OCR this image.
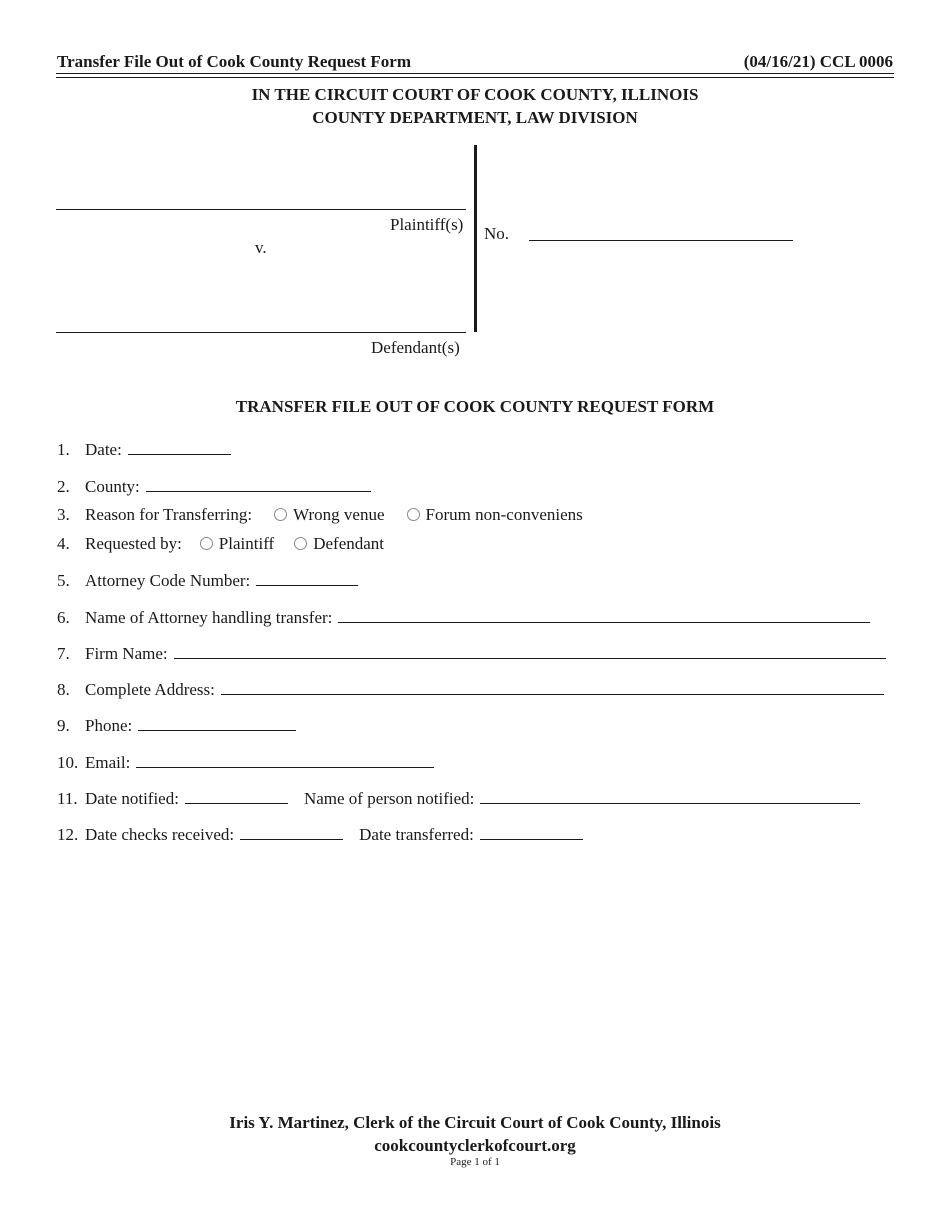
Transfer File Out of Cook County Request Form	(04/16/21) CCL 0006
IN THE CIRCUIT COURT OF COOK COUNTY, ILLINOIS
COUNTY DEPARTMENT, LAW DIVISION
Plaintiff(s)
v.
Defendant(s)
No.
TRANSFER FILE OUT OF COOK COUNTY REQUEST FORM
1. Date:
2. County:
3. Reason for Transferring: Wrong venue Forum non-conveniens
4. Requested by: Plaintiff Defendant
5. Attorney Code Number:
6. Name of Attorney handling transfer:
7. Firm Name:
8. Complete Address:
9. Phone:
10. Email:
11. Date notified:	Name of person notified:
12. Date checks received:	Date transferred:
Iris Y. Martinez, Clerk of the Circuit Court of Cook County, Illinois
cookcountyclerkofcourt.org
Page 1 of 1
